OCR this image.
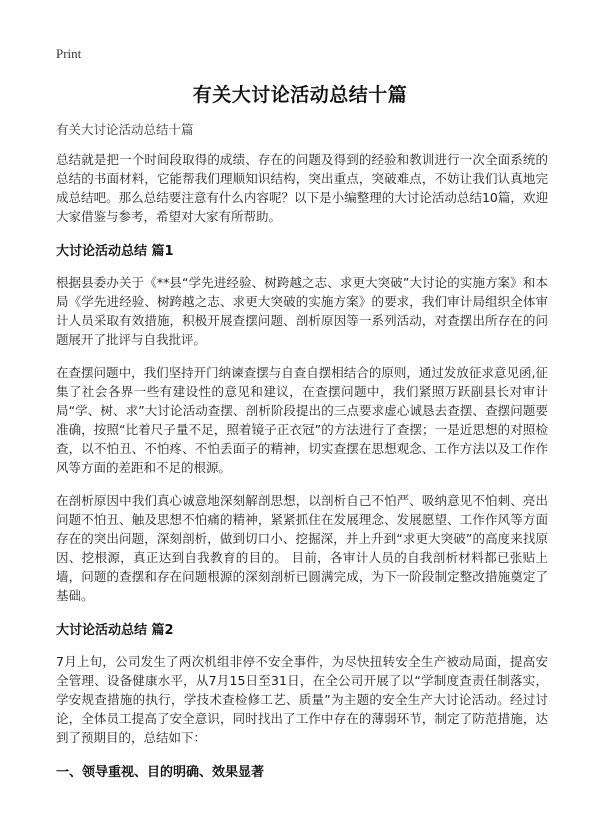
Print
有关大讨论活动总结十篇
有关大讨论活动总结十篇

总结就是把一个时间段取得的成绩、存在的问题及得到的经验和教训进行一次全面系统的总结的书面材料，它能帮我们理顺知识结构，突出重点，突破难点，不妨让我们认真地完成总结吧。那么总结要注意有什么内容呢？以下是小编整理的大讨论活动总结10篇，欢迎大家借鉴与参考，希望对大家有所帮助。

大讨论活动总结 篇1

根据县委办关于《**县“学先进经验、树跨越之志、求更大突破”大讨论的实施方案》和本局《学先进经验、树跨越之志、求更大突破的实施方案》的要求，我们审计局组织全体审计人员采取有效措施，积极开展查摆问题、剖析原因等一系列活动，对查摆出所存在的问题展开了批评与自我批评。

在查摆问题中，我们坚持开门纳谏查摆与自查自摆相结合的原则，通过发放征求意见函,征集了社会各界一些有建设性的意见和建议，在查摆问题中，我们紧照万跃副县长对审计局“学、树、求”大讨论活动查摆、剖析阶段提出的三点要求虚心诚恳去查摆、查摆问题要准确，按照“比着尺子量不足，照着镜子正衣冠”的方法进行了查摆；一是近思想的对照检查，以不怕丑、不怕疼、不怕丢面子的精神，切实查摆在思想观念、工作方法以及工作作风等方面的差距和不足的根源。

在剖析原因中我们真心诚意地深刻解剖思想，以剖析自己不怕严、吸纳意见不怕刺、亮出问题不怕丑、触及思想不怕痛的精神，紧紧抓住在发展理念、发展愿望、工作作风等方面存在的突出问题，深刻剖析，做到切口小、挖掘深，并上升到“求更大突破”的高度来找原因、挖根源，真正达到自我教育的目的。 目前，各审计人员的自我剖析材料都已张贴上墙，问题的查摆和存在问题根源的深刻剖析已圆满完成，为下一阶段制定整改措施奠定了基础。

大讨论活动总结 篇2

7月上旬，公司发生了两次机组非停不安全事件，为尽快扭转安全生产被动局面，提高安全管理、设备健康水平，从7月15日至31日，在全公司开展了以“学制度查责任制落实，学安规查措施的执行，学技术查检修工艺、质量”为主题的安全生产大讨论活动。经过讨论，全体员工提高了安全意识，同时找出了工作中存在的薄弱环节，制定了防范措施，达到了预期目的，总结如下：

一、领导重视、目的明确、效果显著
